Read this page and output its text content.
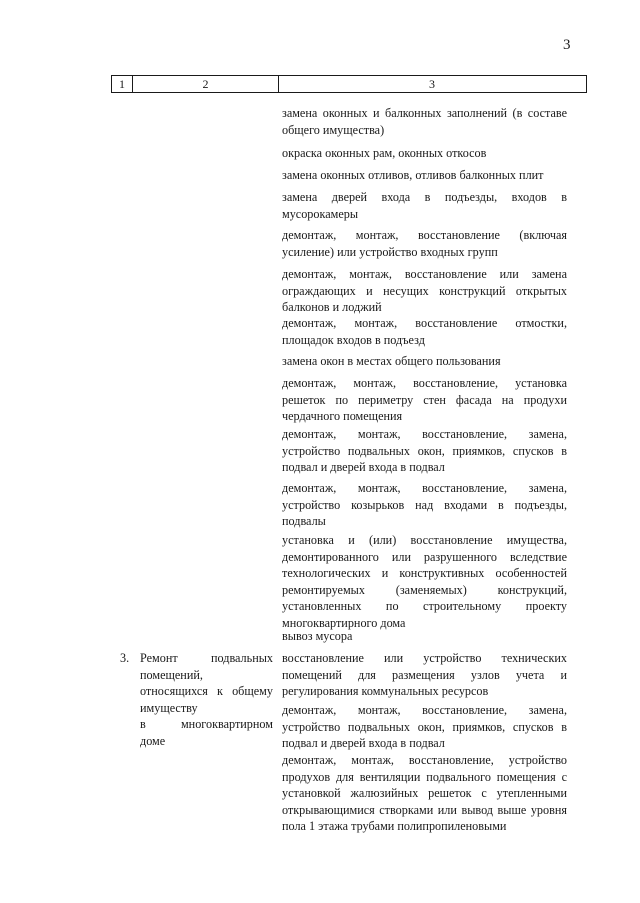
3
1	2	3

замена оконных и балконных заполнений (в составе общего имущества)

окраска оконных рам, оконных откосов

замена оконных отливов, отливов балконных плит

замена дверей входа в подъезды, входов в мусорокамеры

демонтаж, монтаж, восстановление (включая усиление) или устройство входных групп

демонтаж, монтаж, восстановление или замена ограждающих и несущих конструкций открытых балконов и лоджий

демонтаж, монтаж, восстановление отмостки, площадок входов в подъезд

замена окон в местах общего пользования

демонтаж, монтаж, восстановление, установка решеток по периметру стен фасада на продухи чердачного помещения

демонтаж, монтаж, восстановление, замена, устройство подвальных окон, приямков, спусков в подвал и дверей входа в подвал

демонтаж, монтаж, восстановление, замена, устройство козырьков над входами в подъезды, подвалы

установка и (или) восстановление имущества, демонтированного или разрушенного вследствие технологических и конструктивных особенностей ремонтируемых (заменяемых) конструкций, установленных по строительному проекту многоквартирного дома

вывоз мусора

3. Ремонт подвальных
помещений,
относящихся к общему
имуществу
в многоквартирном
доме

восстановление или устройство технических помещений для размещения узлов учета и регулирования коммунальных ресурсов

демонтаж, монтаж, восстановление, замена, устройство подвальных окон, приямков, спусков в подвал и дверей входа в подвал

демонтаж, монтаж, восстановление, устройство продухов для вентиляции подвального помещения с установкой жалюзийных решеток с утепленными открывающимися створками или вывод выше уровня пола 1 этажа трубами полипропиленовыми
